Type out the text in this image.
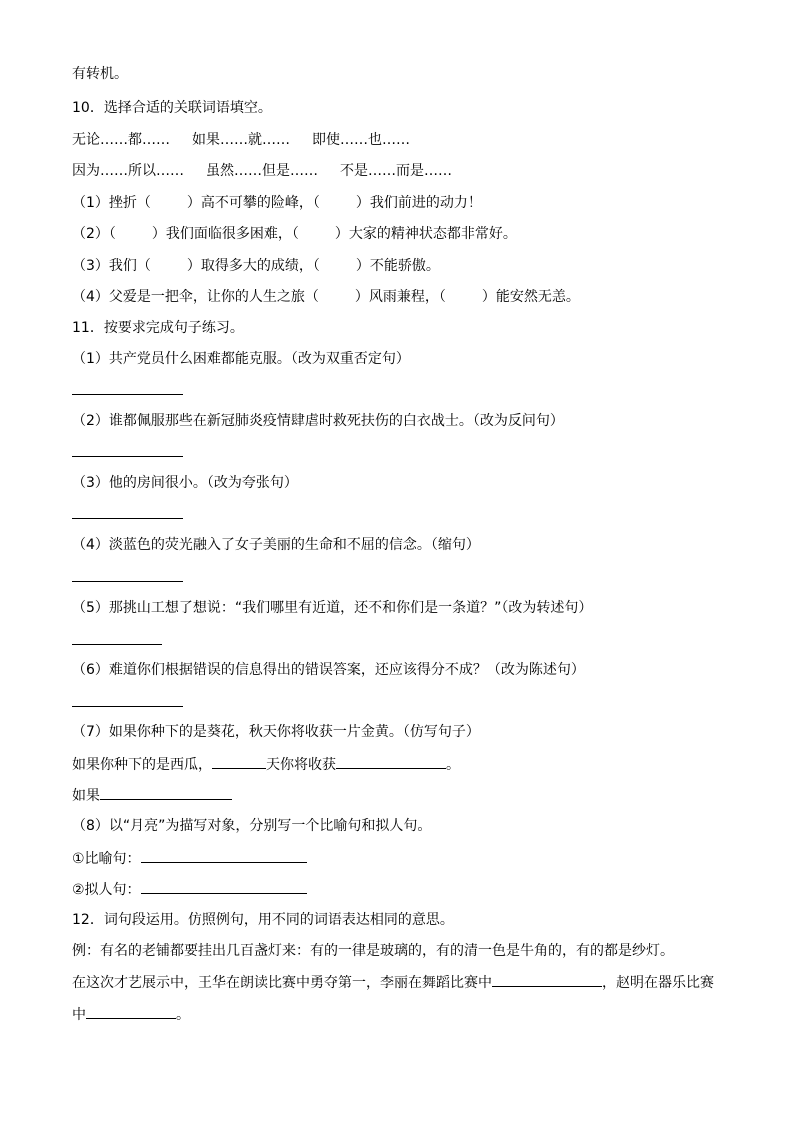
有转机。
10．选择合适的关联词语填空。
无论……都…… 如果……就…… 即使……也……
因为……所以…… 虽然……但是…… 不是……而是……
（1）挫折（	）高不可攀的险峰，（	）我们前进的动力！
（2）（	）我们面临很多困难，（	）大家的精神状态都非常好。
（3）我们（	）取得多大的成绩，（	）不能骄傲。
（4）父爱是一把伞，让你的人生之旅（	）风雨兼程，（	）能安然无恙。
11．按要求完成句子练习。
（1）共产党员什么困难都能克服。（改为双重否定句）
（2）谁都佩服那些在新冠肺炎疫情肆虐时救死扶伤的白衣战士。（改为反问句）
（3）他的房间很小。（改为夸张句）
（4）淡蓝色的荧光融入了女子美丽的生命和不屈的信念。（缩句）
（5）那挑山工想了想说：“我们哪里有近道，还不和你们是一条道？”（改为转述句）
（6）难道你们根据错误的信息得出的错误答案，还应该得分不成？（改为陈述句）
（7）如果你种下的是葵花，秋天你将收获一片金黄。（仿写句子）
如果你种下的是西瓜，	天你将收获	。
如果
（8）以“月亮”为描写对象，分别写一个比喻句和拟人句。
①比喻句：
②拟人句：
12．词句段运用。仿照例句，用不同的词语表达相同的意思。
例：有名的老铺都要挂出几百盏灯来：有的一律是玻璃的，有的清一色是牛角的，有的都是纱灯。
在这次才艺展示中，王华在朗读比赛中勇夺第一，李丽在舞蹈比赛中	，赵明在器乐比赛
中	。
